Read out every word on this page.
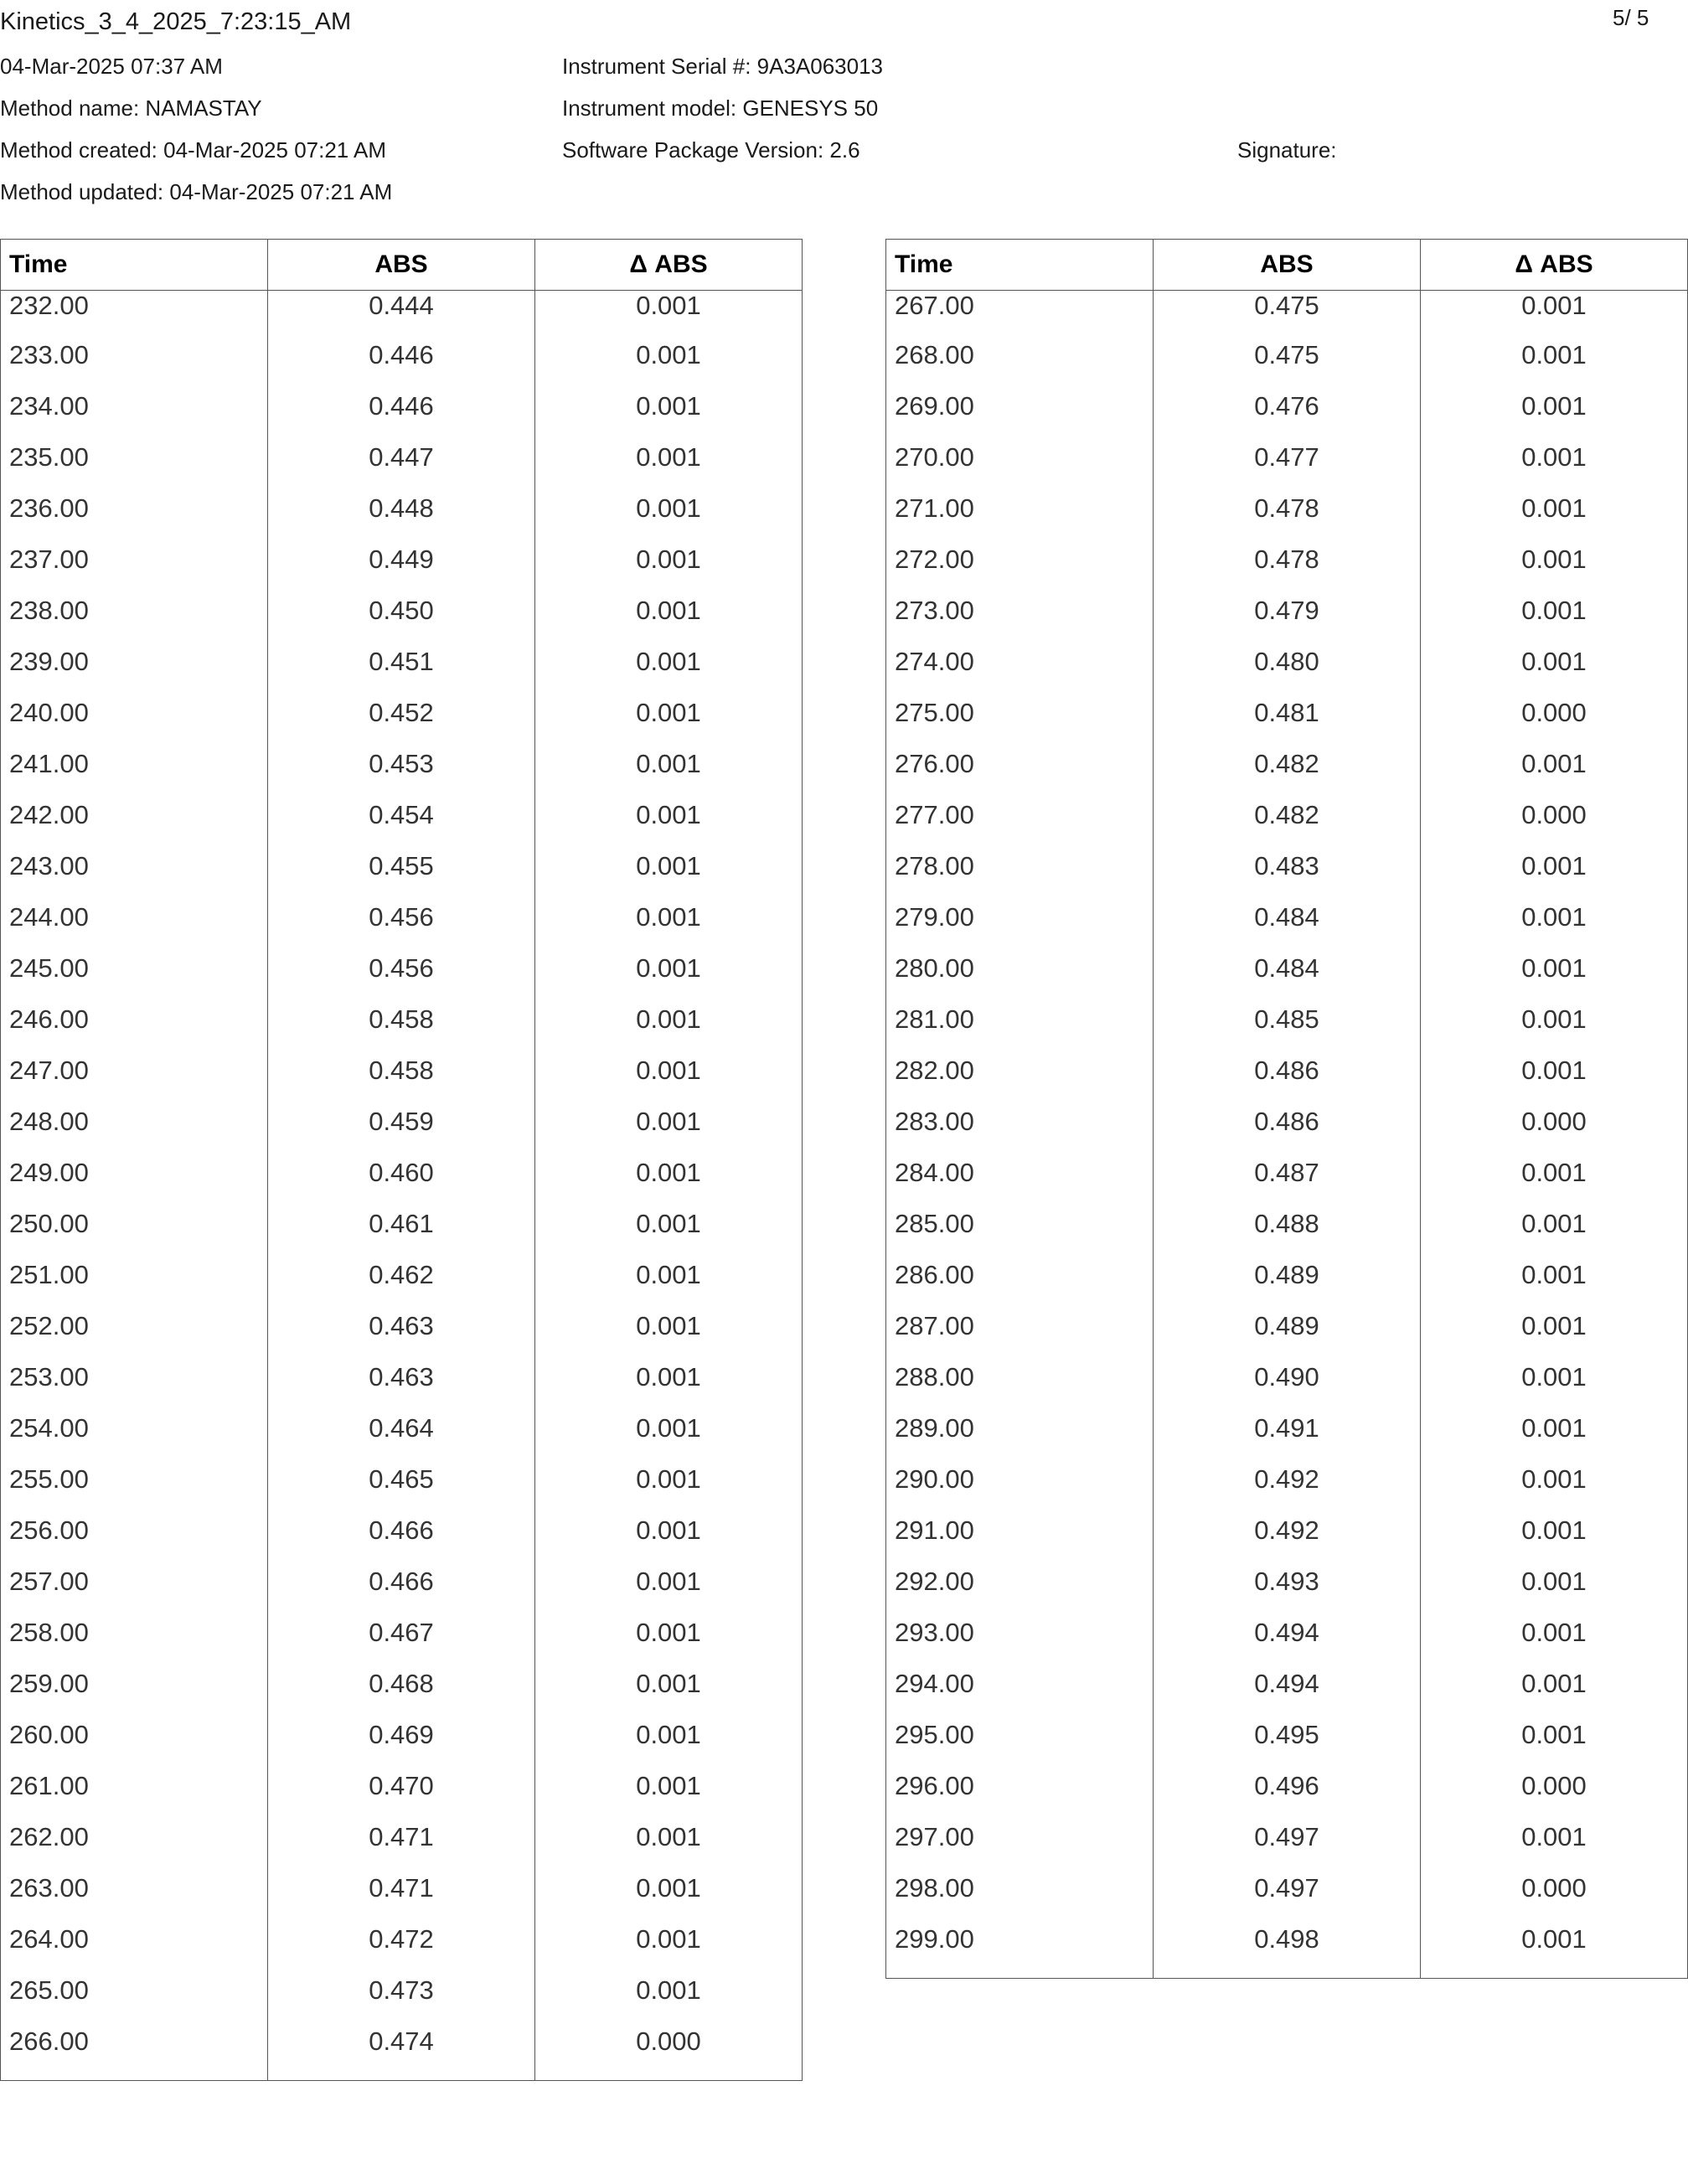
Kinetics_3_4_2025_7:23:15_AM	5/ 5
04-Mar-2025 07:37 AM
Method name: NAMASTAY
Method created: 04-Mar-2025 07:21 AM
Method updated: 04-Mar-2025 07:21 AM
Instrument Serial #: 9A3A063013
Instrument model: GENESYS 50
Software Package Version: 2.6	Signature:
Time	ABS	Δ ABS
232.00	0.444	0.001
233.00	0.446	0.001
234.00	0.446	0.001
235.00	0.447	0.001
236.00	0.448	0.001
237.00	0.449	0.001
238.00	0.450	0.001
239.00	0.451	0.001
240.00	0.452	0.001
241.00	0.453	0.001
242.00	0.454	0.001
243.00	0.455	0.001
244.00	0.456	0.001
245.00	0.456	0.001
246.00	0.458	0.001
247.00	0.458	0.001
248.00	0.459	0.001
249.00	0.460	0.001
250.00	0.461	0.001
251.00	0.462	0.001
252.00	0.463	0.001
253.00	0.463	0.001
254.00	0.464	0.001
255.00	0.465	0.001
256.00	0.466	0.001
257.00	0.466	0.001
258.00	0.467	0.001
259.00	0.468	0.001
260.00	0.469	0.001
261.00	0.470	0.001
262.00	0.471	0.001
263.00	0.471	0.001
264.00	0.472	0.001
265.00	0.473	0.001
266.00	0.474	0.000

Time	ABS	Δ ABS
267.00	0.475	0.001
268.00	0.475	0.001
269.00	0.476	0.001
270.00	0.477	0.001
271.00	0.478	0.001
272.00	0.478	0.001
273.00	0.479	0.001
274.00	0.480	0.001
275.00	0.481	0.000
276.00	0.482	0.001
277.00	0.482	0.000
278.00	0.483	0.001
279.00	0.484	0.001
280.00	0.484	0.001
281.00	0.485	0.001
282.00	0.486	0.001
283.00	0.486	0.000
284.00	0.487	0.001
285.00	0.488	0.001
286.00	0.489	0.001
287.00	0.489	0.001
288.00	0.490	0.001
289.00	0.491	0.001
290.00	0.492	0.001
291.00	0.492	0.001
292.00	0.493	0.001
293.00	0.494	0.001
294.00	0.494	0.001
295.00	0.495	0.001
296.00	0.496	0.000
297.00	0.497	0.001
298.00	0.497	0.000
299.00	0.498	0.001
